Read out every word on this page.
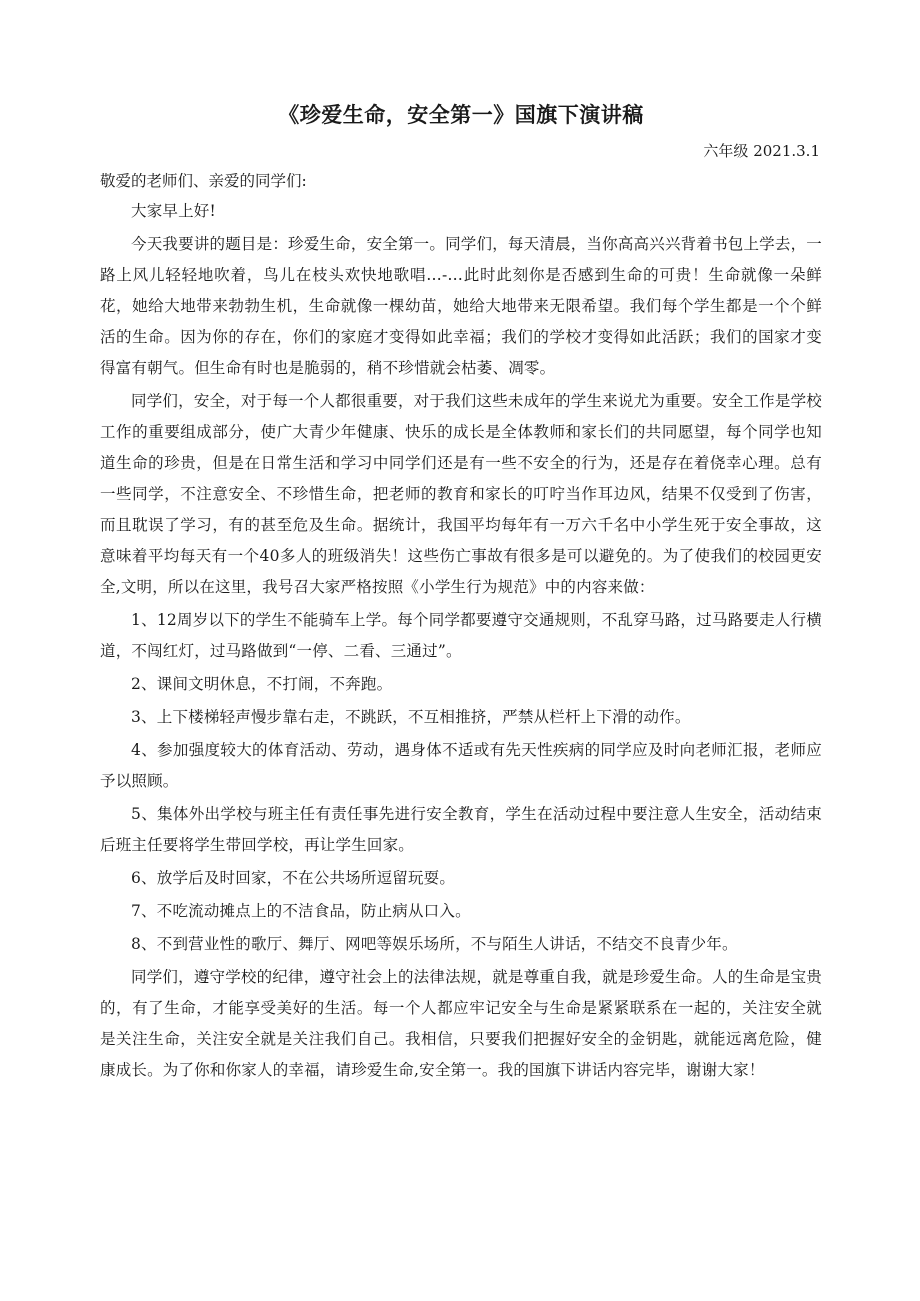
《珍爱生命，安全第一》国旗下演讲稿
六年级 2021.3.1
敬爱的老师们、亲爱的同学们:

大家早上好!

今天我要讲的题目是：珍爱生命，安全第一。同学们，每天清晨，当你高高兴兴背着书包上学去，一路上风儿轻轻地吹着，鸟儿在枝头欢快地歌唱…-…此时此刻你是否感到生命的可贵！生命就像一朵鲜花，她给大地带来勃勃生机，生命就像一棵幼苗，她给大地带来无限希望。我们每个学生都是一个个鲜活的生命。因为你的存在，你们的家庭才变得如此幸福；我们的学校才变得如此活跃；我们的国家才变得富有朝气。但生命有时也是脆弱的，稍不珍惜就会枯萎、凋零。

同学们，安全，对于每一个人都很重要，对于我们这些未成年的学生来说尤为重要。安全工作是学校工作的重要组成部分，使广大青少年健康、快乐的成长是全体教师和家长们的共同愿望，每个同学也知道生命的珍贵，但是在日常生活和学习中同学们还是有一些不安全的行为，还是存在着侥幸心理。总有一些同学，不注意安全、不珍惜生命，把老师的教育和家长的叮咛当作耳边风，结果不仅受到了伤害，而且耽误了学习，有的甚至危及生命。据统计，我国平均每年有一万六千名中小学生死于安全事故，这意味着平均每天有一个40多人的班级消失！这些伤亡事故有很多是可以避免的。为了使我们的校园更安全,文明，所以在这里，我号召大家严格按照《小学生行为规范》中的内容来做：

1、12周岁以下的学生不能骑车上学。每个同学都要遵守交通规则，不乱穿马路，过马路要走人行横道，不闯红灯，过马路做到“一停、二看、三通过”。

2、课间文明休息，不打闹，不奔跑。

3、上下楼梯轻声慢步靠右走，不跳跃，不互相推挤，严禁从栏杆上下滑的动作。

4、参加强度较大的体育活动、劳动，遇身体不适或有先天性疾病的同学应及时向老师汇报，老师应予以照顾。

5、集体外出学校与班主任有责任事先进行安全教育，学生在活动过程中要注意人生安全，活动结束后班主任要将学生带回学校，再让学生回家。

6、放学后及时回家，不在公共场所逗留玩耍。

7、不吃流动摊点上的不洁食品，防止病从口入。

8、不到营业性的歌厅、舞厅、网吧等娱乐场所，不与陌生人讲话，不结交不良青少年。

同学们，遵守学校的纪律，遵守社会上的法律法规，就是尊重自我，就是珍爱生命。人的生命是宝贵的，有了生命，才能享受美好的生活。每一个人都应牢记安全与生命是紧紧联系在一起的，关注安全就是关注生命，关注安全就是关注我们自己。我相信，只要我们把握好安全的金钥匙，就能远离危险，健康成长。为了你和你家人的幸福，请珍爱生命,安全第一。我的国旗下讲话内容完毕，谢谢大家！
